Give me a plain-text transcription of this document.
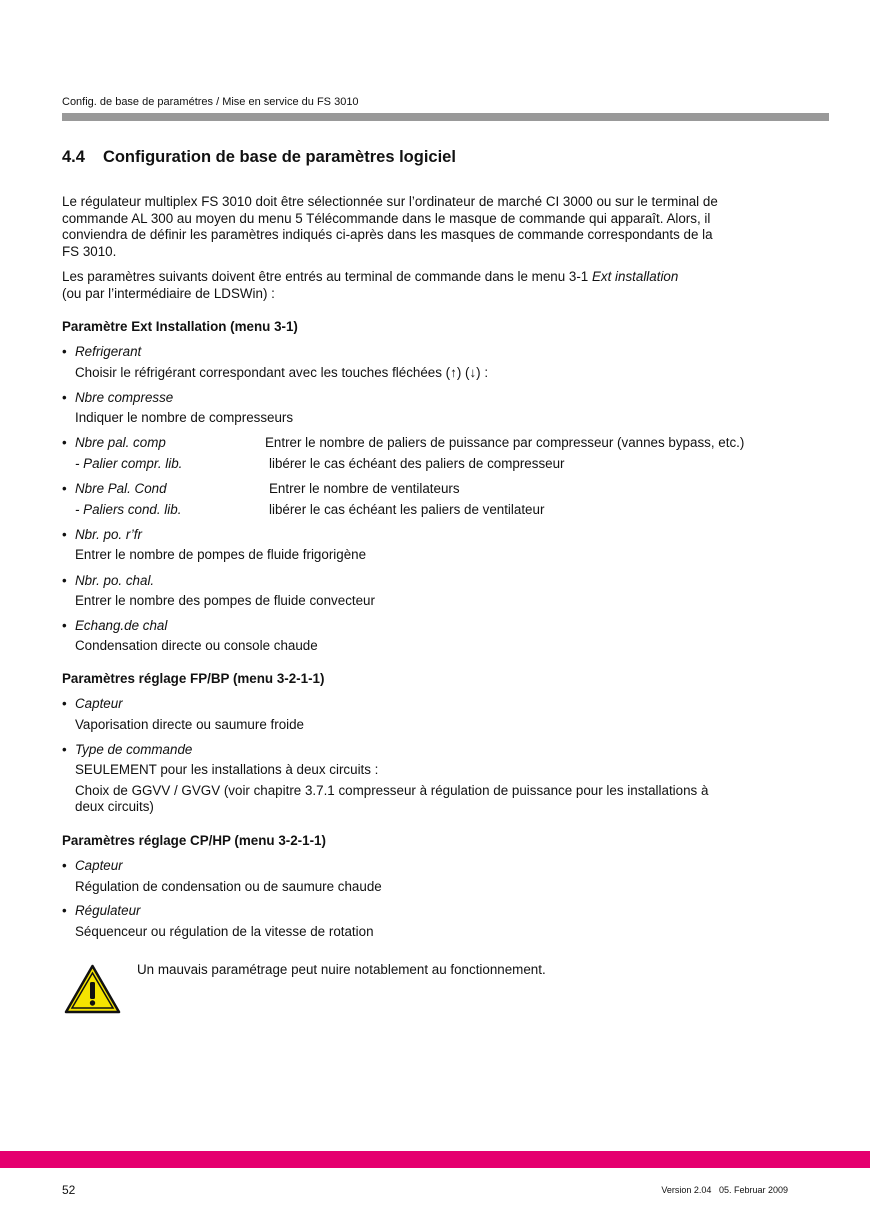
Config. de base de paramétres / Mise en service du FS 3010
4.4 Configuration de base de paramètres logiciel
Le régulateur multiplex FS 3010 doit être sélectionnée sur l’ordinateur de marché CI 3000 ou sur le terminal de
commande AL 300 au moyen du menu 5 Télécommande dans le masque de commande qui apparaît. Alors, il
conviendra de définir les paramètres indiqués ci-après dans les masques de commande correspondants de la
FS 3010.
Les paramètres suivants doivent être entrés au terminal de commande dans le menu 3-1 Ext installation
(ou par l’intermédiaire de LDSWin) :
Paramètre Ext Installation (menu 3-1)
• Refrigerant
Choisir le réfrigérant correspondant avec les touches fléchées (↑) (↓) :
• Nbre compresse
Indiquer le nombre de compresseurs
• Nbre pal. comp	Entrer le nombre de paliers de puissance par compresseur (vannes bypass, etc.)
- Palier compr. lib.	libérer le cas échéant des paliers de compresseur
• Nbre Pal. Cond	Entrer le nombre de ventilateurs
- Paliers cond. lib.	libérer le cas échéant les paliers de ventilateur
• Nbr. po. r’fr
Entrer le nombre de pompes de fluide frigorigène
• Nbr. po. chal.
Entrer le nombre des pompes de fluide convecteur
• Echang.de chal
Condensation directe ou console chaude
Paramètres réglage FP/BP (menu 3-2-1-1)
• Capteur
Vaporisation directe ou saumure froide
• Type de commande
SEULEMENT pour les installations à deux circuits :
Choix de GGVV / GVGV (voir chapitre 3.7.1 compresseur à régulation de puissance pour les installations à
deux circuits)
Paramètres réglage CP/HP (menu 3-2-1-1)
• Capteur
Régulation de condensation ou de saumure chaude
• Régulateur
Séquenceur ou régulation de la vitesse de rotation
Un mauvais paramétrage peut nuire notablement au fonctionnement.
52	Version 2.04   05. Februar 2009
